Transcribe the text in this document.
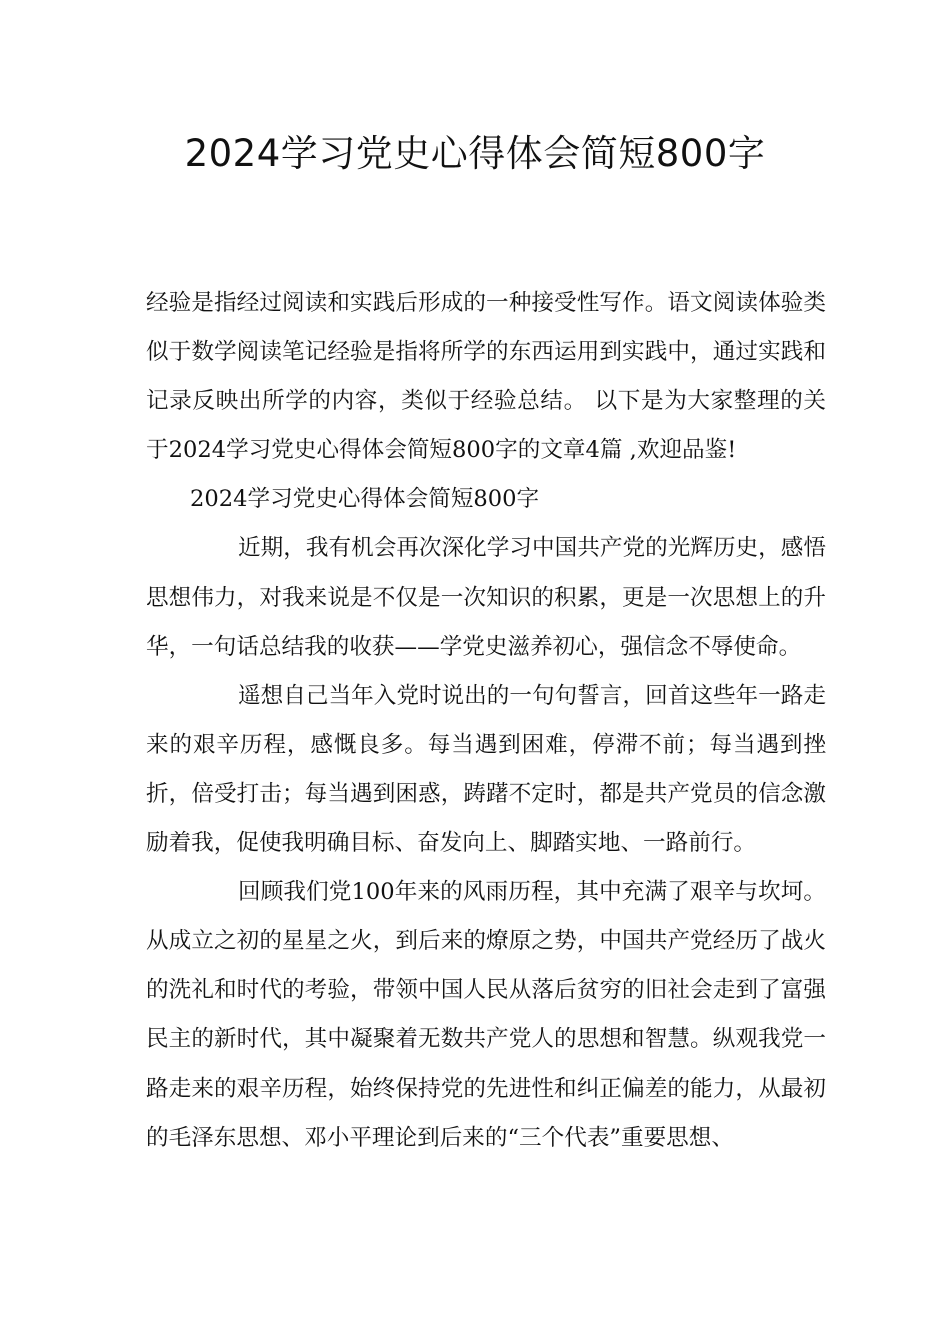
2024学习党史心得体会简短800字

经验是指经过阅读和实践后形成的一种接受性写作。语文阅读体验类似于数学阅读笔记经验是指将所学的东西运用到实践中，通过实践和记录反映出所学的内容，类似于经验总结。 以下是为大家整理的关于2024学习党史心得体会简短800字的文章4篇 ,欢迎品鉴!

2024学习党史心得体会简短800字

近期，我有机会再次深化学习中国共产党的光辉历史，感悟思想伟力，对我来说是不仅是一次知识的积累，更是一次思想上的升华，一句话总结我的收获——学党史滋养初心，强信念不辱使命。

遥想自己当年入党时说出的一句句誓言，回首这些年一路走来的艰辛历程，感慨良多。每当遇到困难，停滞不前；每当遇到挫折，倍受打击；每当遇到困惑，踌躇不定时，都是共产党员的信念激励着我，促使我明确目标、奋发向上、脚踏实地、一路前行。

回顾我们党100年来的风雨历程，其中充满了艰辛与坎坷。从成立之初的星星之火，到后来的燎原之势，中国共产党经历了战火的洗礼和时代的考验，带领中国人民从落后贫穷的旧社会走到了富强民主的新时代，其中凝聚着无数共产党人的思想和智慧。纵观我党一路走来的艰辛历程，始终保持党的先进性和纠正偏差的能力，从最初的毛泽东思想、邓小平理论到后来的“三个代表”重要思想、
